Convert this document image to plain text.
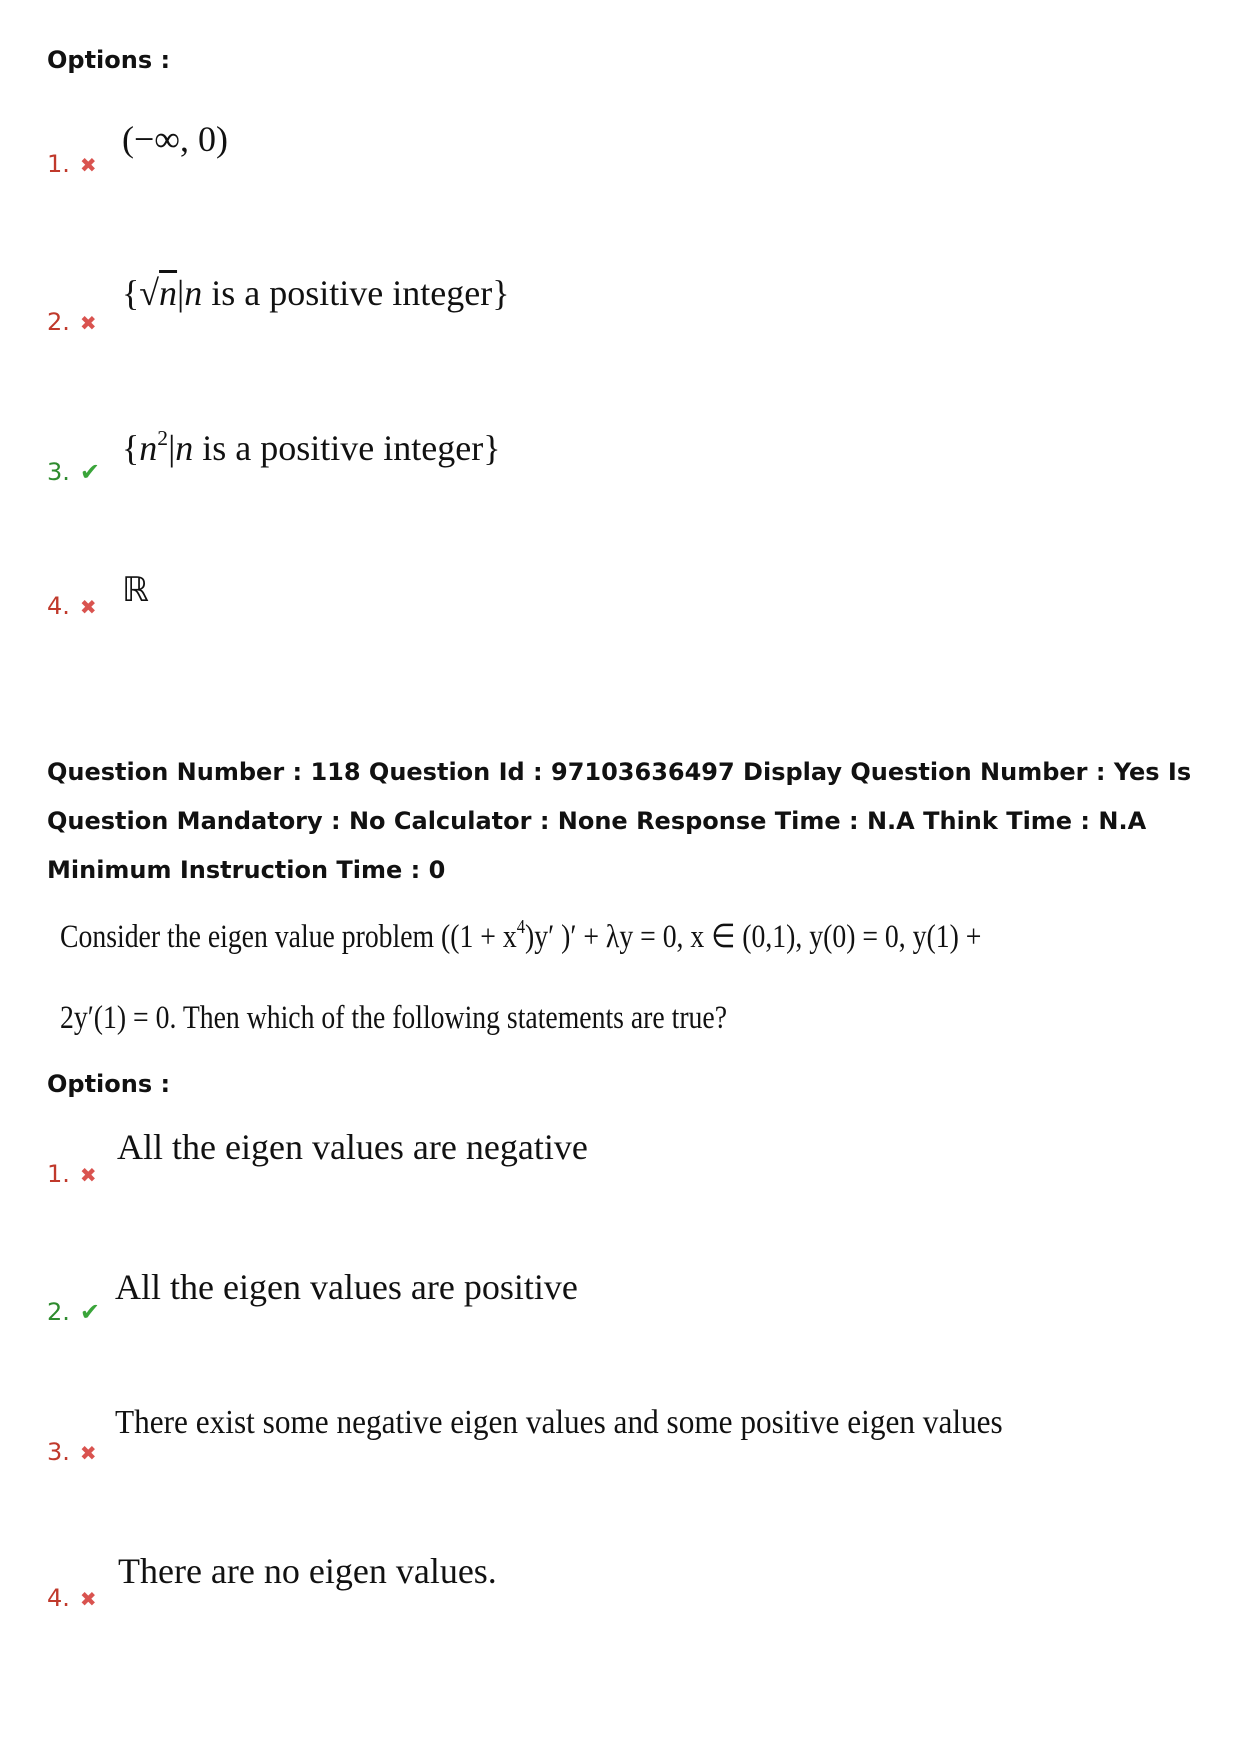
Options :
1. ✖
(−∞, 0)
2. ✖
{√n|n is a positive integer}
3. ✔
{$n^2|n$ is a positive integer}
4. ✖ ℝ
Question Number : 118 Question Id : 97103636497 Display Question Number : Yes Is Question Mandatory : No Calculator : None Response Time : N.A Think Time : N.A Minimum Instruction Time : 0
Consider the eigen value problem ($(1 + x^4)y'$ )′ + λy = 0, x ∈ (0,1), y(0) = 0, y(1) +
2y′(1) = 0. Then which of the following statements are true?
Options :
1. ✖
All the eigen values are negative
2. ✔
All the eigen values are positive
3. ✖
There exist some negative eigen values and some positive eigen values
4. ✖
There are no eigen values.
